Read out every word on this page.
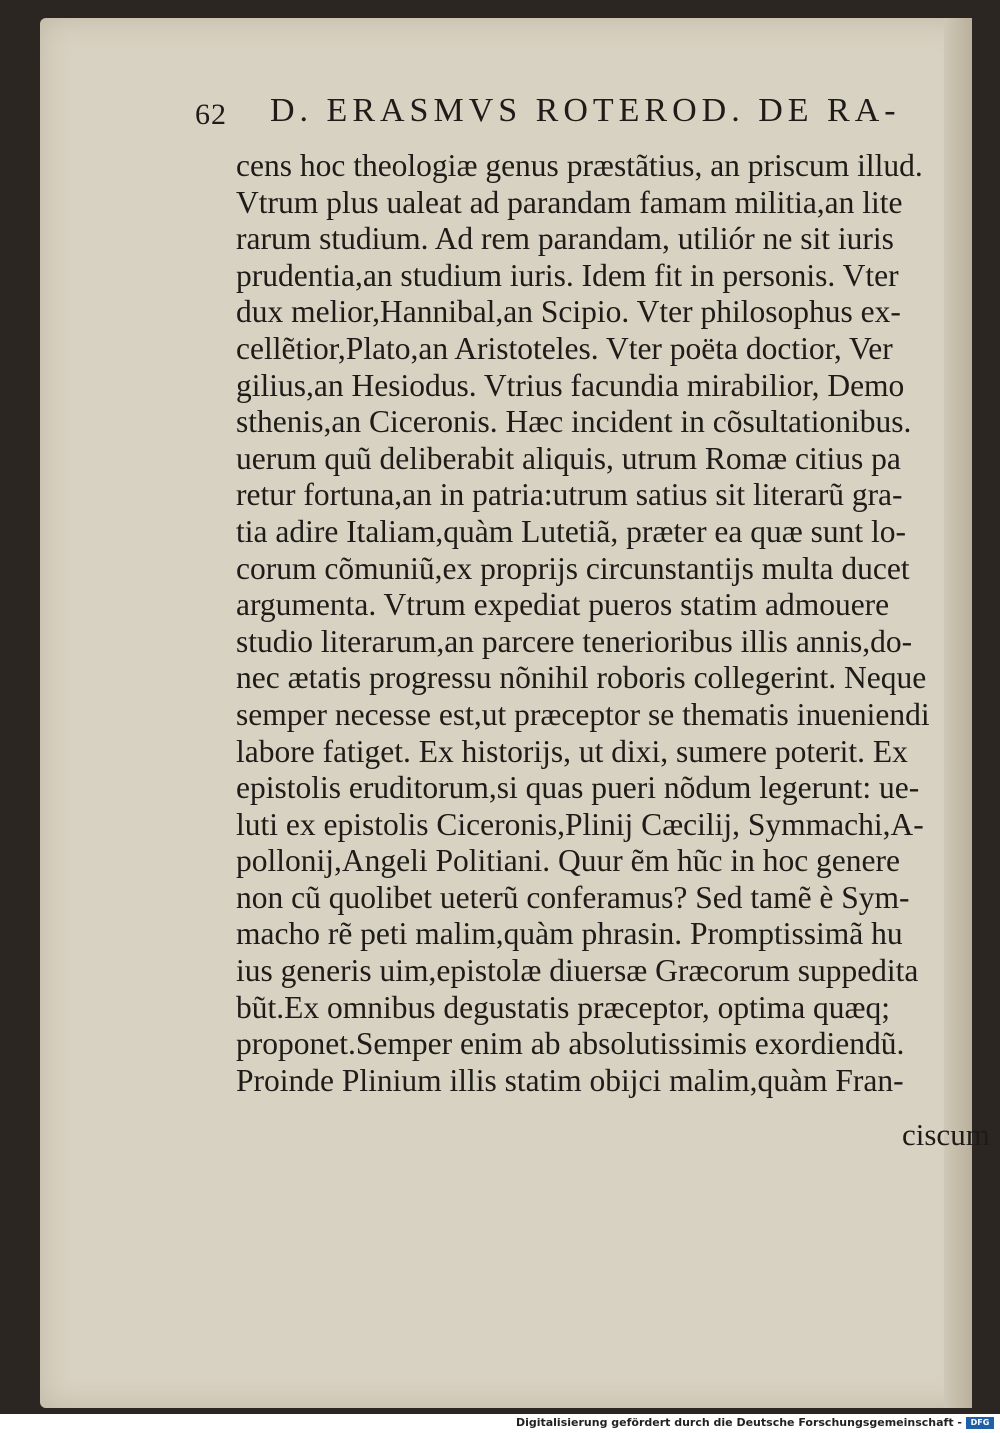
62 D. ERASMVS ROTEROD. DE RA-
cens hoc theologiæ genus præstãtius, an priscum illud.
Vtrum plus ualeat ad parandam famam militia,an lite
rarum studium. Ad rem parandam, utiliór ne sit iuris
prudentia,an studium iuris. Idem fit in personis. Vter
dux melior,Hannibal,an Scipio. Vter philosophus ex-
cellẽtior,Plato,an Aristoteles. Vter poëta doctior, Ver
gilius,an Hesiodus. Vtrius facundia mirabilior, Demo
sthenis,an Ciceronis. Hæc incident in cõsultationibus.
uerum quũ deliberabit aliquis, utrum Romæ citius pa
retur fortuna,an in patria:utrum satius sit literarũ gra-
tia adire Italiam,quàm Lutetiã, præter ea quæ sunt lo-
corum cõmuniũ,ex proprijs circunstantijs multa ducet
argumenta. Vtrum expediat pueros statim admouere
studio literarum,an parcere tenerioribus illis annis,do-
nec ætatis progressu nõnihil roboris collegerint. Neque
semper necesse est,ut præceptor se thematis inueniendi
labore fatiget. Ex historijs, ut dixi, sumere poterit. Ex
epistolis eruditorum,si quas pueri nõdum legerunt: ue-
luti ex epistolis Ciceronis,Plinij Cæcilij, Symmachi,A-
pollonij,Angeli Politiani. Quur ẽm hũc in hoc genere
non cũ quolibet ueterũ conferamus? Sed tamẽ è Sym-
macho rẽ peti malim,quàm phrasin. Promptissimã hu
ius generis uim,epistolæ diuersæ Græcorum suppedita
bũt.Ex omnibus degustatis præceptor, optima quæq;
proponet.Semper enim ab absolutissimis exordiendũ.
Proinde Plinium illis statim obijci malim,quàm Fran-
ciscum
Digitalisierung gefördert durch die Deutsche Forschungsgemeinschaft -	DFG
